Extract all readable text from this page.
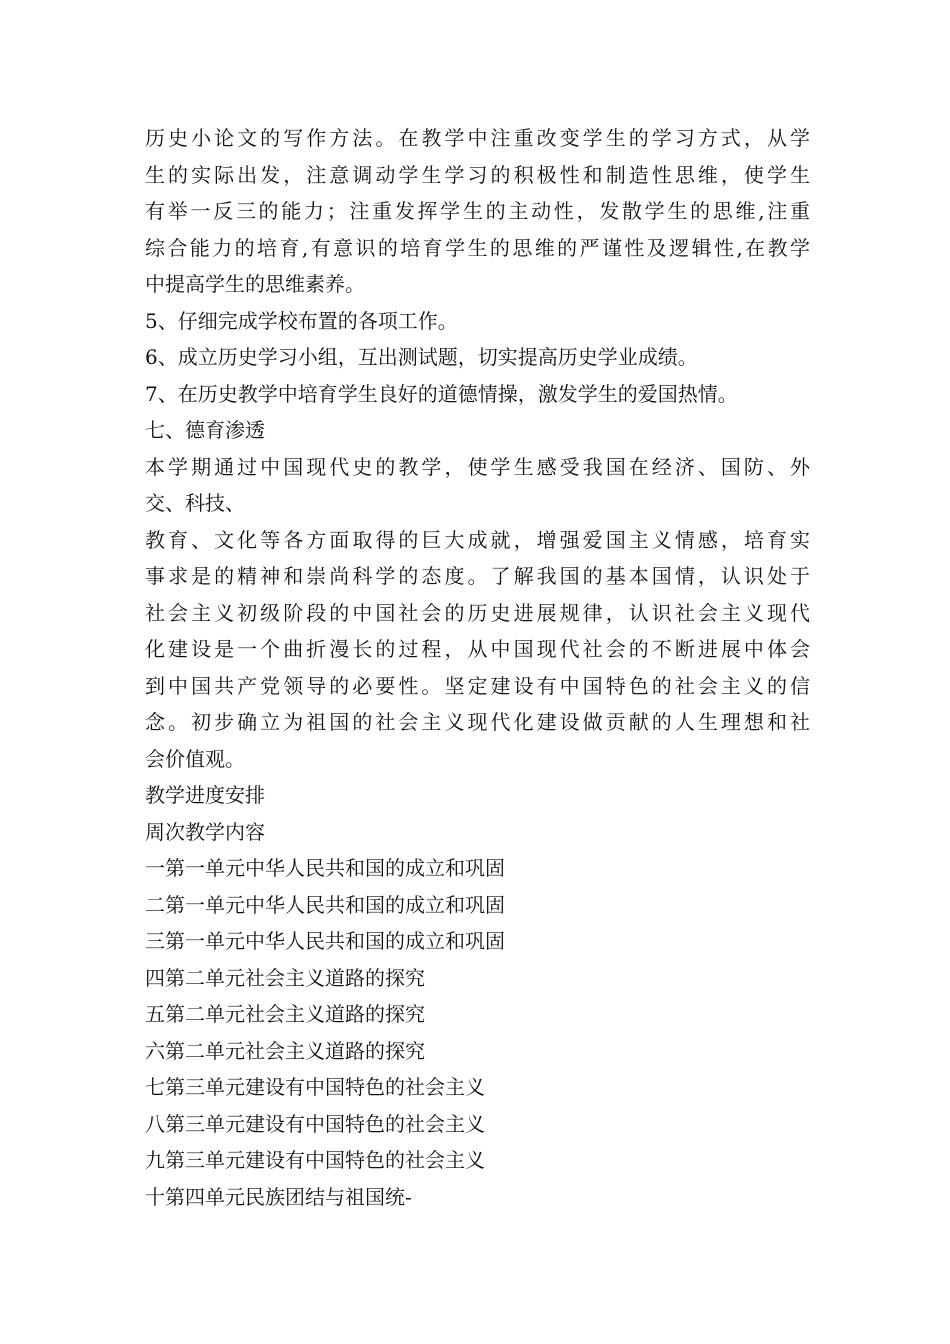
历史小论文的写作方法。在教学中注重改变学生的学习方式，从学
生的实际出发，注意调动学生学习的积极性和制造性思维，使学生
有举一反三的能力；注重发挥学生的主动性，发散学生的思维,注重
综合能力的培育,有意识的培育学生的思维的严谨性及逻辑性,在教学
中提高学生的思维素养。
5、仔细完成学校布置的各项工作。
6、成立历史学习小组，互出测试题，切实提高历史学业成绩。
7、在历史教学中培育学生良好的道德情操，激发学生的爱国热情。
七、德育渗透
本学期通过中国现代史的教学，使学生感受我国在经济、国防、外
交、科技、
教育、文化等各方面取得的巨大成就，增强爱国主义情感，培育实
事求是的精神和崇尚科学的态度。了解我国的基本国情，认识处于
社会主义初级阶段的中国社会的历史进展规律，认识社会主义现代
化建设是一个曲折漫长的过程，从中国现代社会的不断进展中体会
到中国共产党领导的必要性。坚定建设有中国特色的社会主义的信
念。初步确立为祖国的社会主义现代化建设做贡献的人生理想和社
会价值观。
教学进度安排
周次教学内容
一第一单元中华人民共和国的成立和巩固
二第一单元中华人民共和国的成立和巩固
三第一单元中华人民共和国的成立和巩固
四第二单元社会主义道路的探究
五第二单元社会主义道路的探究
六第二单元社会主义道路的探究
七第三单元建设有中国特色的社会主义
八第三单元建设有中国特色的社会主义
九第三单元建设有中国特色的社会主义
十第四单元民族团结与祖国统-
